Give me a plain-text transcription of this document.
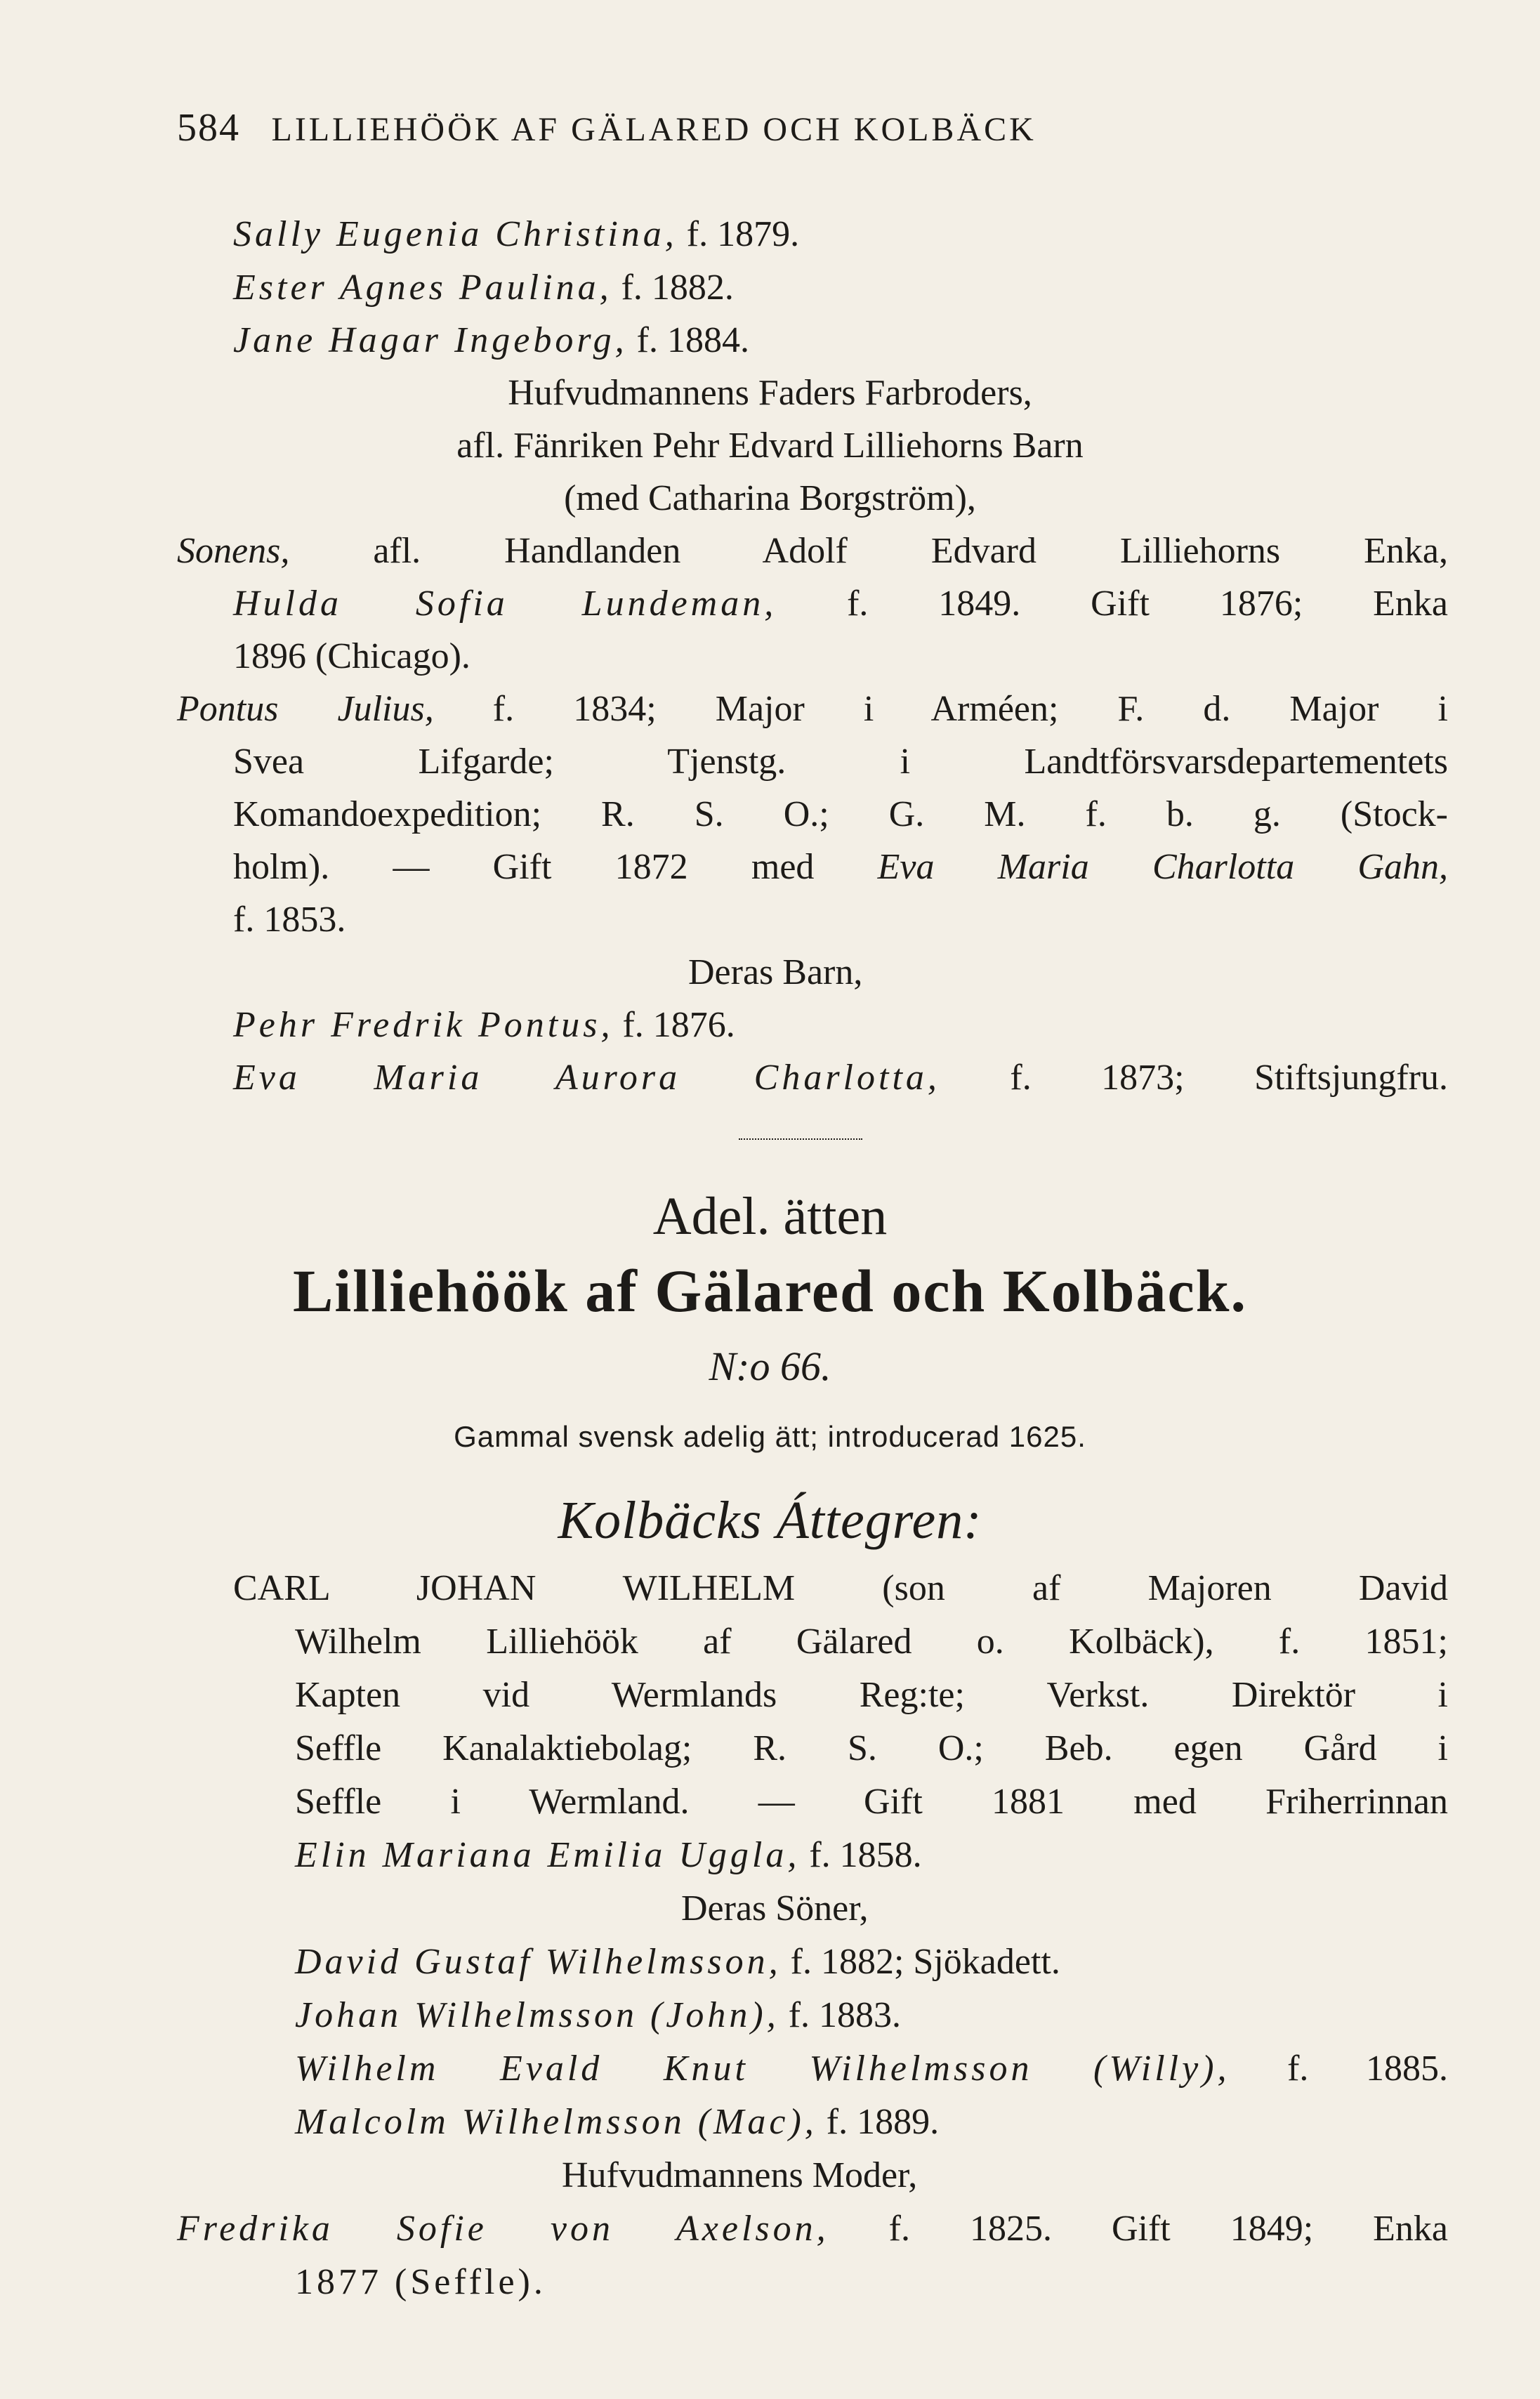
584 LILLIEHÖÖK AF GÄLARED OCH KOLBÄCK
Sally Eugenia Christina, f. 1879.
Ester Agnes Paulina, f. 1882.
Jane Hagar Ingeborg, f. 1884.
Hufvudmannens Faders Farbroders,
afl. Fänriken Pehr Edvard Lilliehorns Barn
(med Catharina Borgström),
Sonens, afl. Handlanden Adolf Edvard Lilliehorns Enka,
Hulda Sofia Lundeman, f. 1849. Gift 1876; Enka
1896 (Chicago).
Pontus Julius, f. 1834; Major i Arméen; F. d. Major i
Svea Lifgarde; Tjenstg. i Landtförsvarsdepartementets
Komandoexpedition; R. S. O.; G. M. f. b. g. (Stock-
holm). — Gift 1872 med Eva Maria Charlotta Gahn,
f. 1853.
Deras Barn,
Pehr Fredrik Pontus, f. 1876.
Eva Maria Aurora Charlotta, f. 1873; Stiftsjungfru.
Adel. ätten
Lilliehöök af Gälared och Kolbäck.
N:o 66.
Gammal svensk adelig ätt; introducerad 1625.
Kolbäcks Áttegren:
CARL JOHAN WILHELM (son af Majoren David
Wilhelm Lilliehöök af Gälared o. Kolbäck), f. 1851;
Kapten vid Wermlands Reg:te; Verkst. Direktör i
Seffle Kanalaktiebolag; R. S. O.; Beb. egen Gård i
Seffle i Wermland. — Gift 1881 med Friherrinnan
Elin Mariana Emilia Uggla, f. 1858.
Deras Söner,
David Gustaf Wilhelmsson, f. 1882; Sjökadett.
Johan Wilhelmsson (John), f. 1883.
Wilhelm Evald Knut Wilhelmsson (Willy), f. 1885.
Malcolm Wilhelmsson (Mac), f. 1889.
Hufvudmannens Moder,
Fredrika Sofie von Axelson, f. 1825. Gift 1849; Enka
1877 (Seffle).
